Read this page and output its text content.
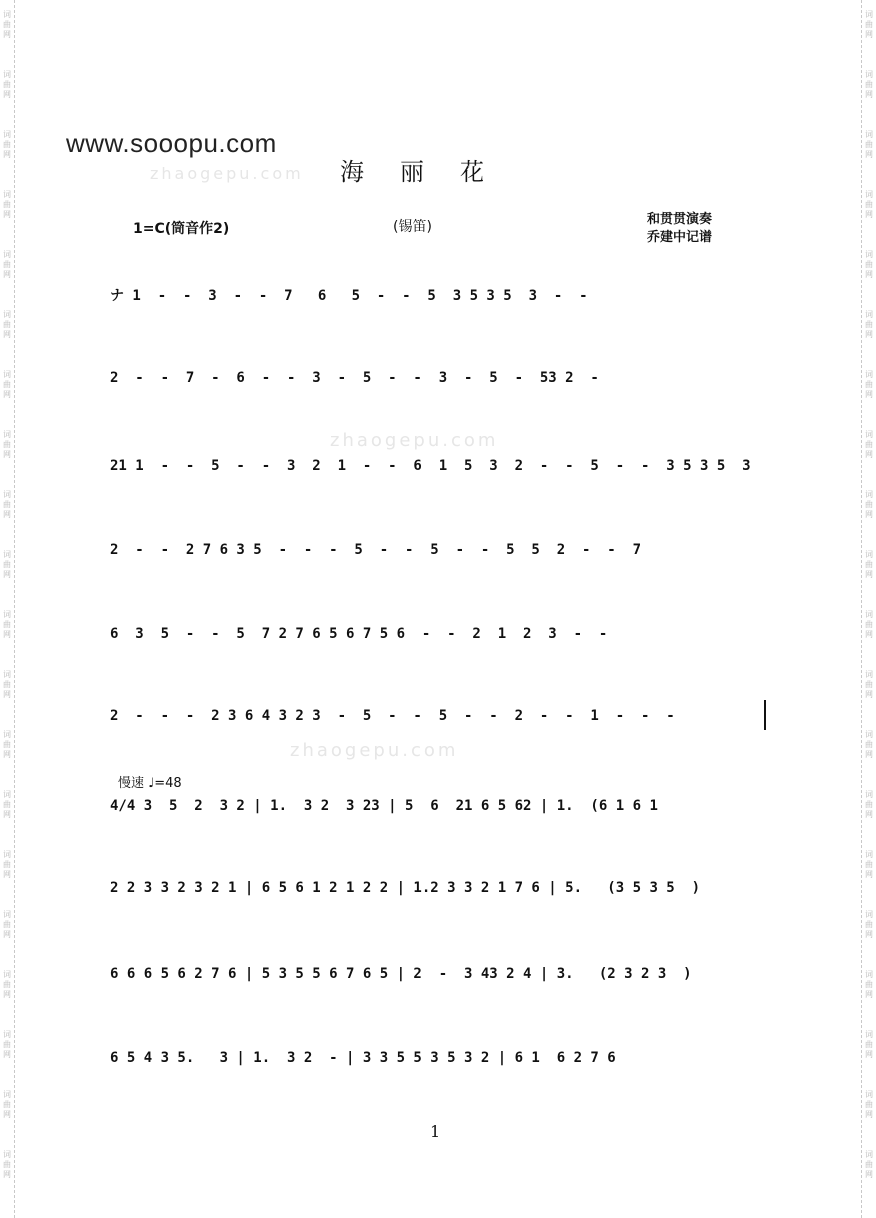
词曲网
词曲网
词曲网
词曲网
词曲网
词曲网
词曲网
词曲网
词曲网
词曲网
词曲网
词曲网
词曲网
词曲网
词曲网
词曲网
词曲网
词曲网
词曲网
词曲网
词曲网
词曲网
词曲网
词曲网
词曲网
词曲网
词曲网
词曲网
词曲网
词曲网
词曲网
词曲网
词曲网
词曲网
词曲网
词曲网
词曲网
词曲网
词曲网
词曲网
www.sooopu.com
zhaogepu.com
zhaogepu.com
zhaogepu.com
海丽花
1=C(筒音作2)	(锡笛)	和贯贯演奏
乔建中记谱
ナ 1  -  -  3  -  -  7   6   5  -  -  5  3 5 3 5  3  -  -
2  -  -  7  -  6  -  -  3  -  5  -  -  3  -  5  -  53 2  -
21 1  -  -  5  -  -  3  2  1  -  -  6  1  5  3  2  -  -  5  -  -  3 5 3 5  3
2  -  -  2 7 6 3 5  -  -  -  5  -  -  5  -  -  5  5  2  -  -  7
6  3  5  -  -  5  7 2 7 6 5 6 7 5 6  -  -  2  1  2  3  -  -
2  -  -  -  2 3 6 4 3 2 3  -  5  -  -  5  -  -  2  -  -  1  -  -  -
慢速 ♩=48
4/4 3  5  2  3 2 | 1.  3 2  3 23 | 5  6  21 6 5 62 | 1.  (6 1 6 1
2 2 3 3 2 3 2 1 | 6 5 6 1 2 1 2 2 | 1.2 3 3 2 1 7 6 | 5.   (3 5 3 5  )
6 6 6 5 6 2 7 6 | 5 3 5 5 6 7 6 5 | 2  -  3 43 2 4 | 3.   (2 3 2 3  )
6 5 4 3 5.   3 | 1.  3 2  - | 3 3 5 5 3 5 3 2 | 6 1  6 2 7 6
1
